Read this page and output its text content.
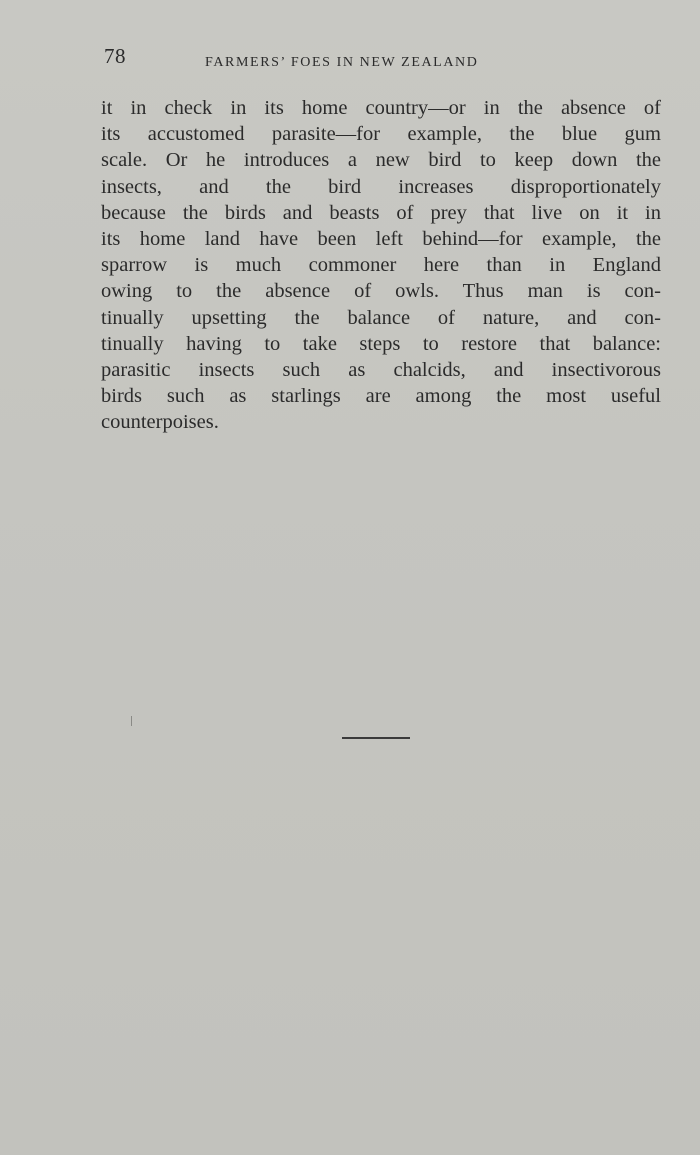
78	FARMERS’ FOES IN NEW ZEALAND
it in check in its home country—or in the absence of
its accustomed parasite—for example, the blue gum
scale. Or he introduces a new bird to keep down the
insects, and the bird increases disproportionately
because the birds and beasts of prey that live on it in
its home land have been left behind—for example, the
sparrow is much commoner here than in England
owing to the absence of owls. Thus man is con-
tinually upsetting the balance of nature, and con-
tinually having to take steps to restore that balance:
parasitic insects such as chalcids, and insectivorous
birds such as starlings are among the most useful
counterpoises.
